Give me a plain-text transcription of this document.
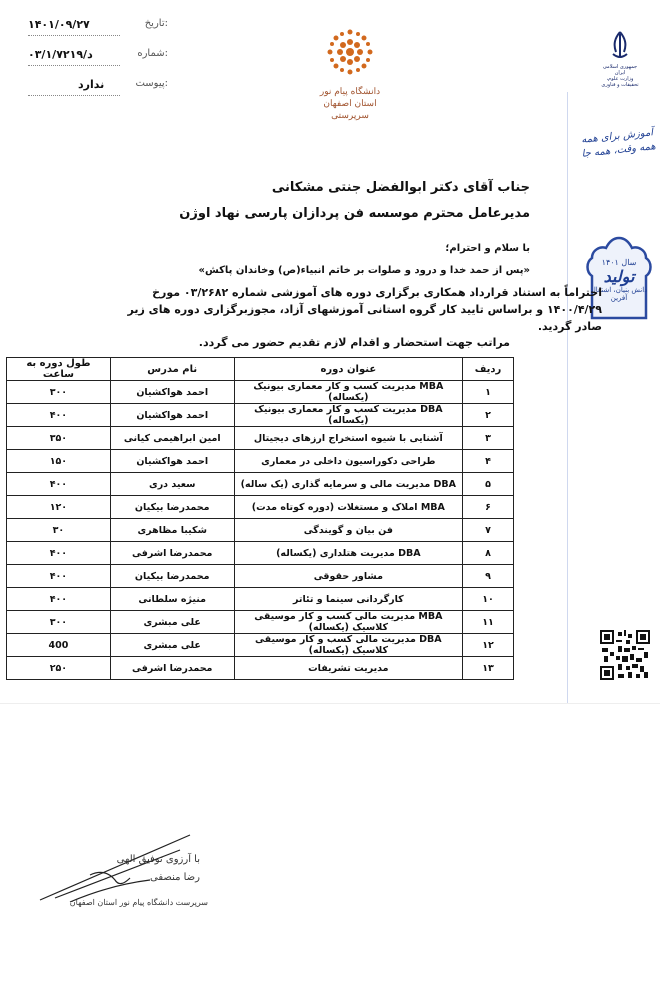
۱۴۰۱/۰۹/۲۷	تاریخ:
۰۳/۱/د/۷۲۱۹	شماره:
ندارد	پیوست:
دانشگاه پیام نور
استان اصفهان
سرپرستی
جمهوری اسلامی ایران
وزارت علوم، تحقیقات و فناوری
آموزش برای همه
همه وقت، همه جا
سال ۱۴۰۱
تولید
دانش بنیان، اشتغال آفرین
جناب آقای دکتر ابوالفضل جنتی مشکانی
مدیرعامل محترم موسسه فن پردازان پارسی نهاد اوژن
با سلام و احترام؛
«پس از حمد خدا و درود و صلوات بر خاتم انبیاء(ص) وخاندان پاکش»
احتراماً به استناد قرارداد همکاری برگزاری دوره های آموزشی شماره ۰۳/۲۶۸۲ مورخ ۱۴۰۰/۴/۲۹ و براساس تایید کار گروه استانی آموزشهای آزاد، مجوزبرگزاری دوره های زیر صادر گردید.
مراتب جهت استحضار و اقدام لازم تقدیم حضور می گردد.
ردیف	عنوان دوره	نام مدرس	طول دوره به ساعت
۱	MBA مدیریت کسب و کار معماری بیونیک (یکساله)	احمد هواکشیان	۳۰۰
۲	DBA مدیریت کسب و کار معماری بیونیک (یکساله)	احمد هواکشیان	۴۰۰
۳	آشنایی با شیوه استخراج ارزهای دیجیتال	امین ابراهیمی کیانی	۳۵۰
۴	طراحی دکوراسیون داخلی در معماری	احمد هواکشیان	۱۵۰
۵	DBA مدیریت مالی و سرمایه گذاری (یک ساله)	سعید دری	۴۰۰
۶	MBA املاک و مستغلات (دوره کوتاه مدت)	محمدرضا بیکیان	۱۲۰
۷	فن بیان و گویندگی	شکیبا مظاهری	۳۰
۸	DBA مدیریت هتلداری (یکساله)	محمدرضا اشرفی	۴۰۰
۹	مشاور حقوقی	محمدرضا بیکیان	۴۰۰
۱۰	کارگردانی سینما و تئاتر	منیژه سلطانی	۴۰۰
۱۱	MBA مدیریت مالی کسب و کار موسیقی کلاسیک (یکساله)	علی مبشری	۳۰۰
۱۲	DBA مدیریت مالی کسب و کار موسیقی کلاسیک (یکساله)	علی مبشری	400
۱۳	مدیریت تشریفات	محمدرضا اشرفی	۲۵۰
با آرزوی توفیق الهی
رضا منصفی
سرپرست دانشگاه پیام نور استان اصفهان
